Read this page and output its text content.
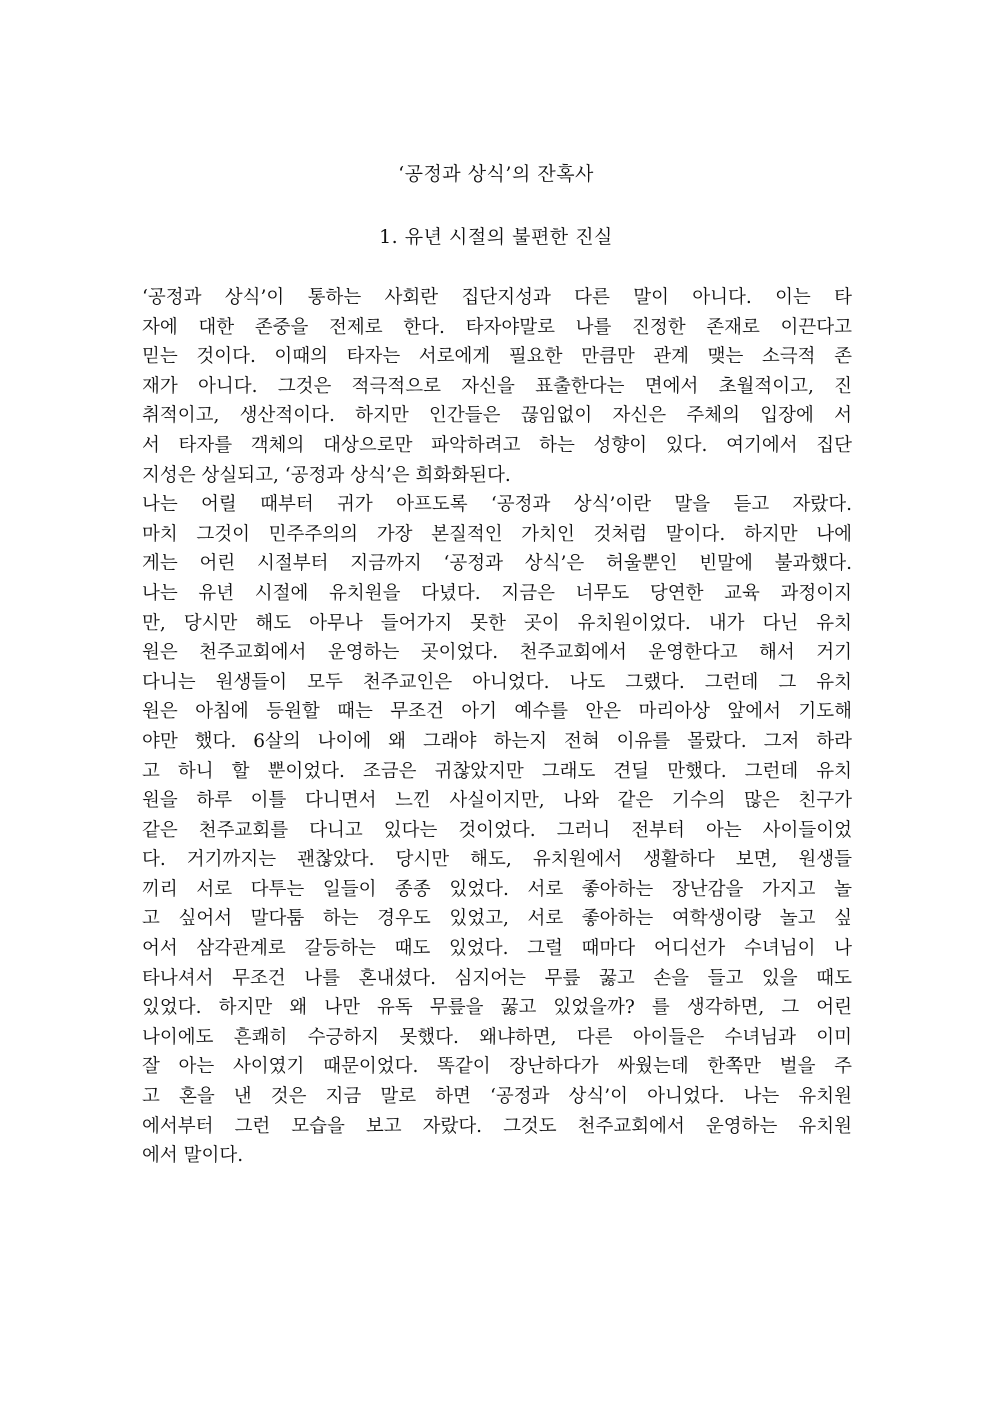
‘공정과 상식’의 잔혹사
1. 유년 시절의 불편한 진실
‘공정과 상식’이 통하는 사회란 집단지성과 다른 말이 아니다. 이는 타
자에 대한 존중을 전제로 한다. 타자야말로 나를 진정한 존재로 이끈다고
믿는 것이다. 이때의 타자는 서로에게 필요한 만큼만 관계 맺는 소극적 존
재가 아니다. 그것은 적극적으로 자신을 표출한다는 면에서 초월적이고, 진
취적이고, 생산적이다. 하지만 인간들은 끊임없이 자신은 주체의 입장에 서
서 타자를 객체의 대상으로만 파악하려고 하는 성향이 있다. 여기에서 집단
지성은 상실되고, ‘공정과 상식’은 희화화된다.
나는 어릴 때부터 귀가 아프도록 ‘공정과 상식’이란 말을 듣고 자랐다.
마치 그것이 민주주의의 가장 본질적인 가치인 것처럼 말이다. 하지만 나에
게는 어린 시절부터 지금까지 ‘공정과 상식’은 허울뿐인 빈말에 불과했다.
나는 유년 시절에 유치원을 다녔다. 지금은 너무도 당연한 교육 과정이지
만, 당시만 해도 아무나 들어가지 못한 곳이 유치원이었다. 내가 다닌 유치
원은 천주교회에서 운영하는 곳이었다. 천주교회에서 운영한다고 해서 거기
다니는 원생들이 모두 천주교인은 아니었다. 나도 그랬다. 그런데 그 유치
원은 아침에 등원할 때는 무조건 아기 예수를 안은 마리아상 앞에서 기도해
야만 했다. 6살의 나이에 왜 그래야 하는지 전혀 이유를 몰랐다. 그저 하라
고 하니 할 뿐이었다. 조금은 귀찮았지만 그래도 견딜 만했다. 그런데 유치
원을 하루 이틀 다니면서 느낀 사실이지만, 나와 같은 기수의 많은 친구가
같은 천주교회를 다니고 있다는 것이었다. 그러니 전부터 아는 사이들이었
다. 거기까지는 괜찮았다. 당시만 해도, 유치원에서 생활하다 보면, 원생들
끼리 서로 다투는 일들이 종종 있었다. 서로 좋아하는 장난감을 가지고 놀
고 싶어서 말다툼 하는 경우도 있었고, 서로 좋아하는 여학생이랑 놀고 싶
어서 삼각관계로 갈등하는 때도 있었다. 그럴 때마다 어디선가 수녀님이 나
타나셔서 무조건 나를 혼내셨다. 심지어는 무릎 꿇고 손을 들고 있을 때도
있었다. 하지만 왜 나만 유독 무릎을 꿇고 있었을까? 를 생각하면, 그 어린
나이에도 흔쾌히 수긍하지 못했다. 왜냐하면, 다른 아이들은 수녀님과 이미
잘 아는 사이였기 때문이었다. 똑같이 장난하다가 싸웠는데 한쪽만 벌을 주
고 혼을 낸 것은 지금 말로 하면 ‘공정과 상식’이 아니었다. 나는 유치원
에서부터 그런 모습을 보고 자랐다. 그것도 천주교회에서 운영하는 유치원
에서 말이다.
